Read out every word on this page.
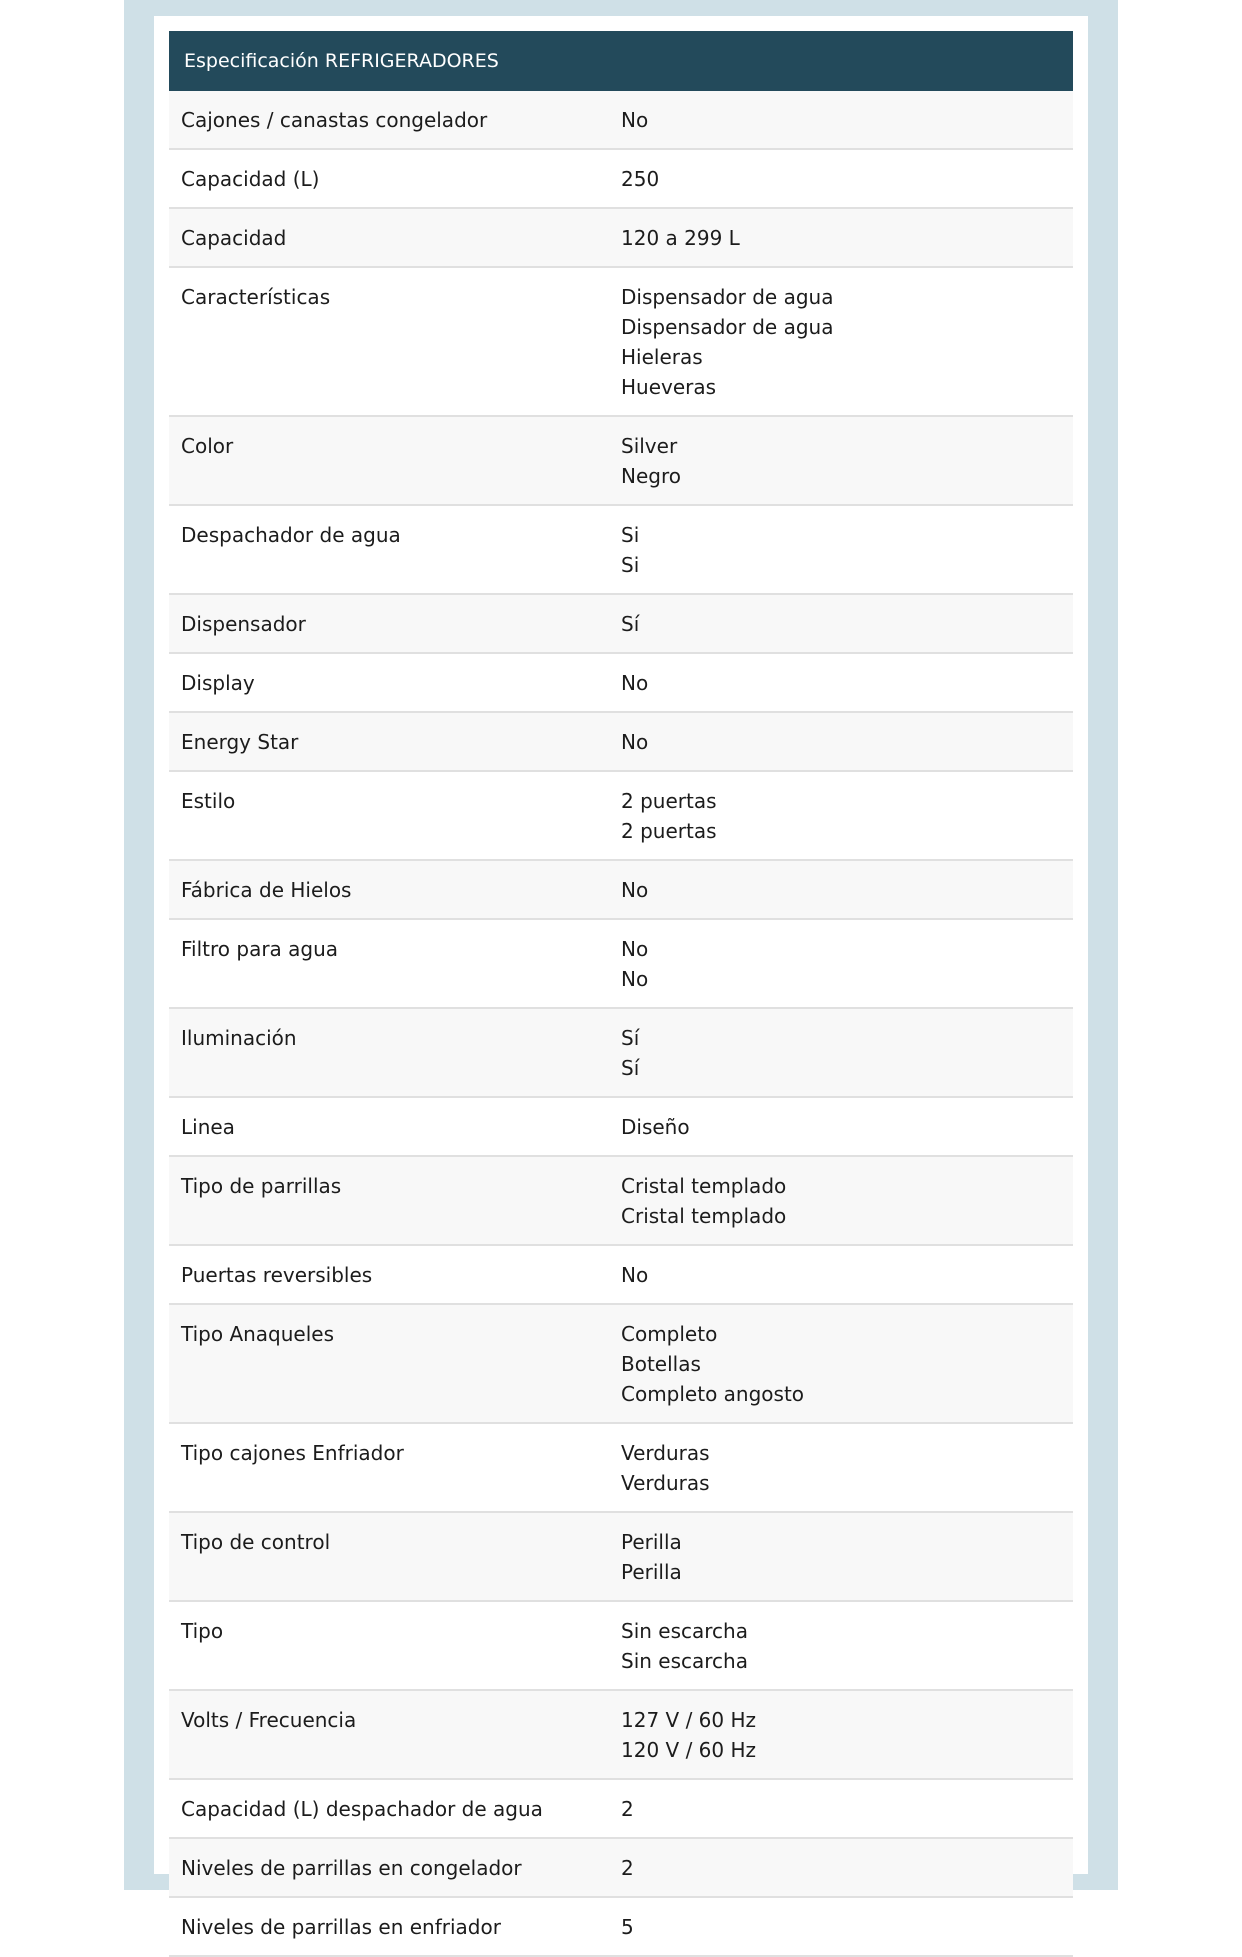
Especificación REFRIGERADORES
Cajones / canastas congelador	No
Capacidad (L)	250
Capacidad	120 a 299 L
Características	Dispensador de agua
Dispensador de agua
Hieleras
Hueveras
Color	Silver
Negro
Despachador de agua	Si
Si
Dispensador	Sí
Display	No
Energy Star	No
Estilo	2 puertas
2 puertas
Fábrica de Hielos	No
Filtro para agua	No
No
Iluminación	Sí
Sí
Linea	Diseño
Tipo de parrillas	Cristal templado
Cristal templado
Puertas reversibles	No
Tipo Anaqueles	Completo
Botellas
Completo angosto
Tipo cajones Enfriador	Verduras
Verduras
Tipo de control	Perilla
Perilla
Tipo	Sin escarcha
Sin escarcha
Volts / Frecuencia	127 V / 60 Hz
120 V / 60 Hz
Capacidad (L) despachador de agua	2
Niveles de parrillas en congelador	2
Niveles de parrillas en enfriador	5
